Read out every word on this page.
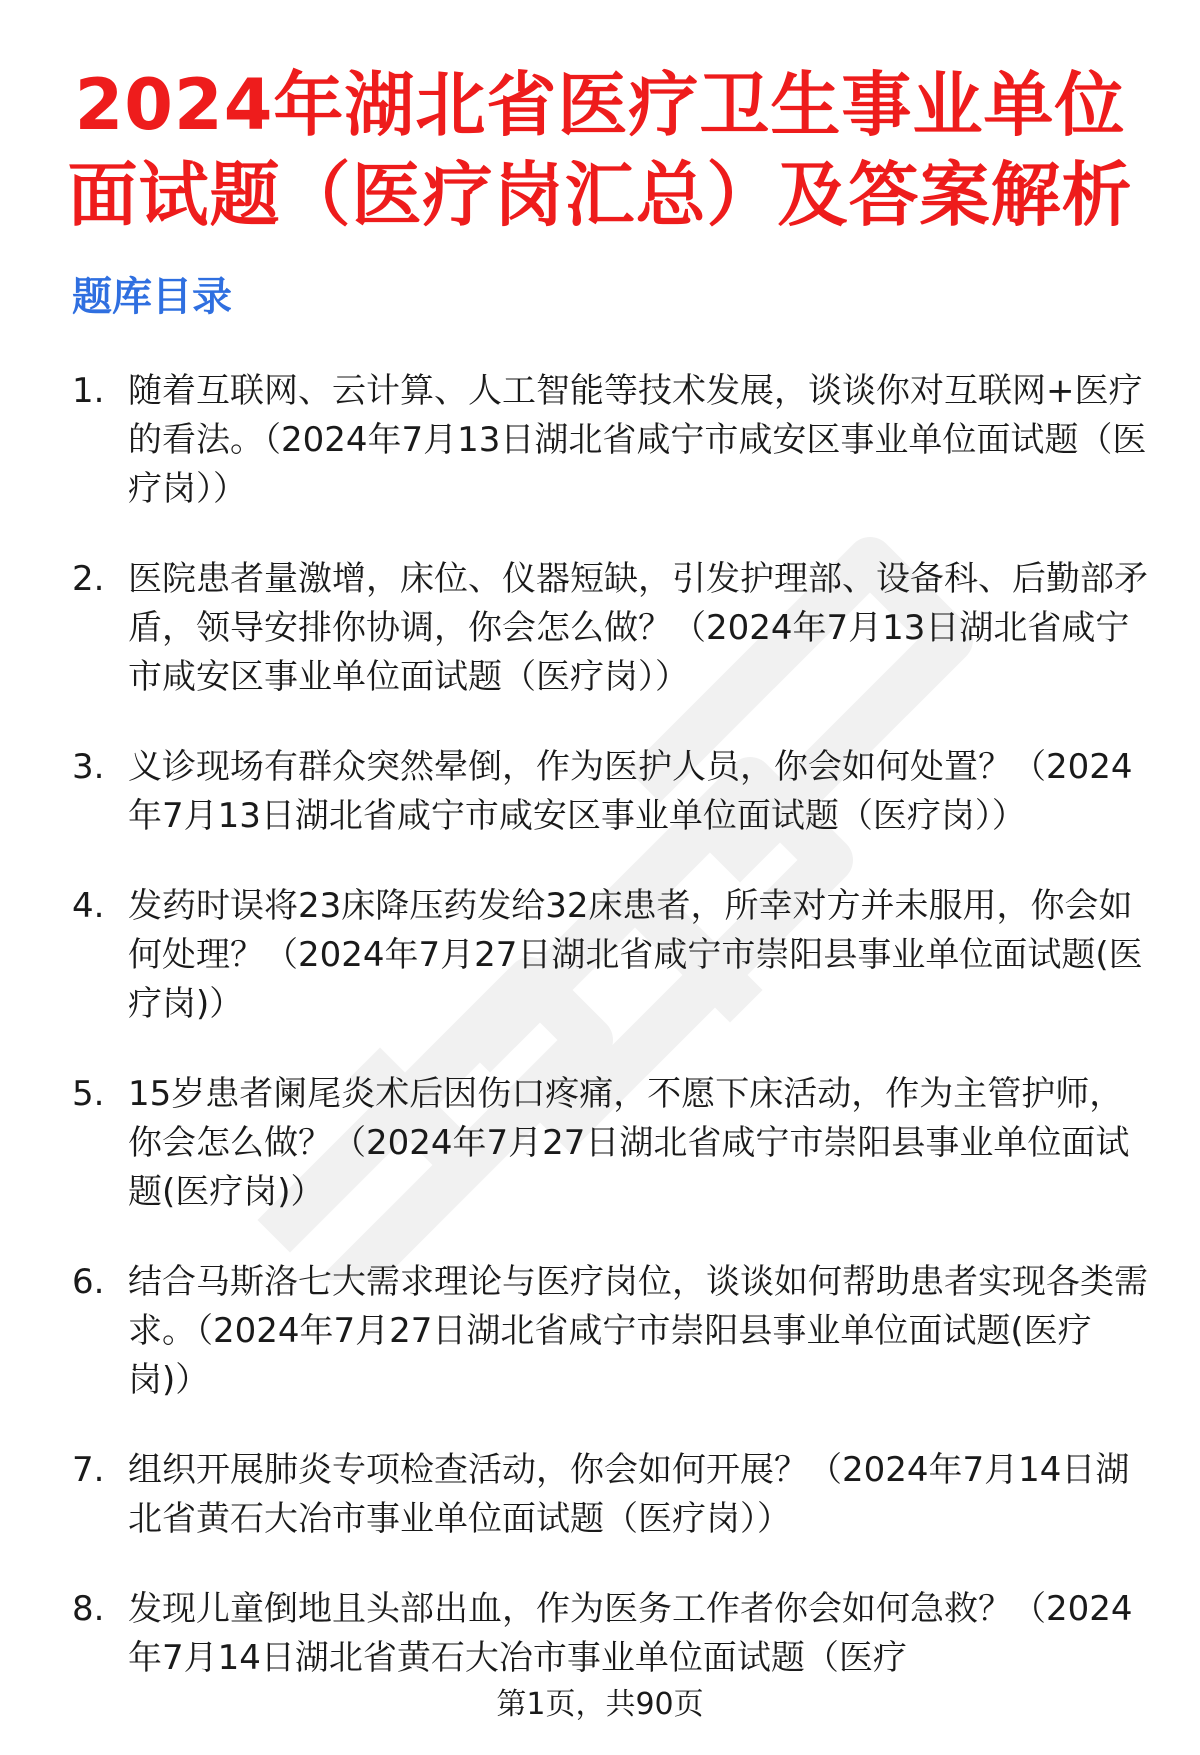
2024年湖北省医疗卫生事业单位面试题（医疗岗汇总）及答案解析
题库目录
1. 随着互联网、云计算、人工智能等技术发展，谈谈你对互联网+医疗的看法。（2024年7月13日湖北省咸宁市咸安区事业单位面试题（医疗岗））
2. 医院患者量激增，床位、仪器短缺，引发护理部、设备科、后勤部矛盾，领导安排你协调，你会怎么做？（2024年7月13日湖北省咸宁市咸安区事业单位面试题（医疗岗））
3. 义诊现场有群众突然晕倒，作为医护人员，你会如何处置？（2024年7月13日湖北省咸宁市咸安区事业单位面试题（医疗岗））
4. 发药时误将23床降压药发给32床患者，所幸对方并未服用，你会如何处理？（2024年7月27日湖北省咸宁市崇阳县事业单位面试题(医疗岗)）
5. 15岁患者阑尾炎术后因伤口疼痛，不愿下床活动，作为主管护师，你会怎么做？（2024年7月27日湖北省咸宁市崇阳县事业单位面试题(医疗岗)）
6. 结合马斯洛七大需求理论与医疗岗位，谈谈如何帮助患者实现各类需求。（2024年7月27日湖北省咸宁市崇阳县事业单位面试题(医疗岗)）
7. 组织开展肺炎专项检查活动，你会如何开展？（2024年7月14日湖北省黄石大冶市事业单位面试题（医疗岗））
8. 发现儿童倒地且头部出血，作为医务工作者你会如何急救？（2024年7月14日湖北省黄石大冶市事业单位面试题（医疗
第1页，共90页
